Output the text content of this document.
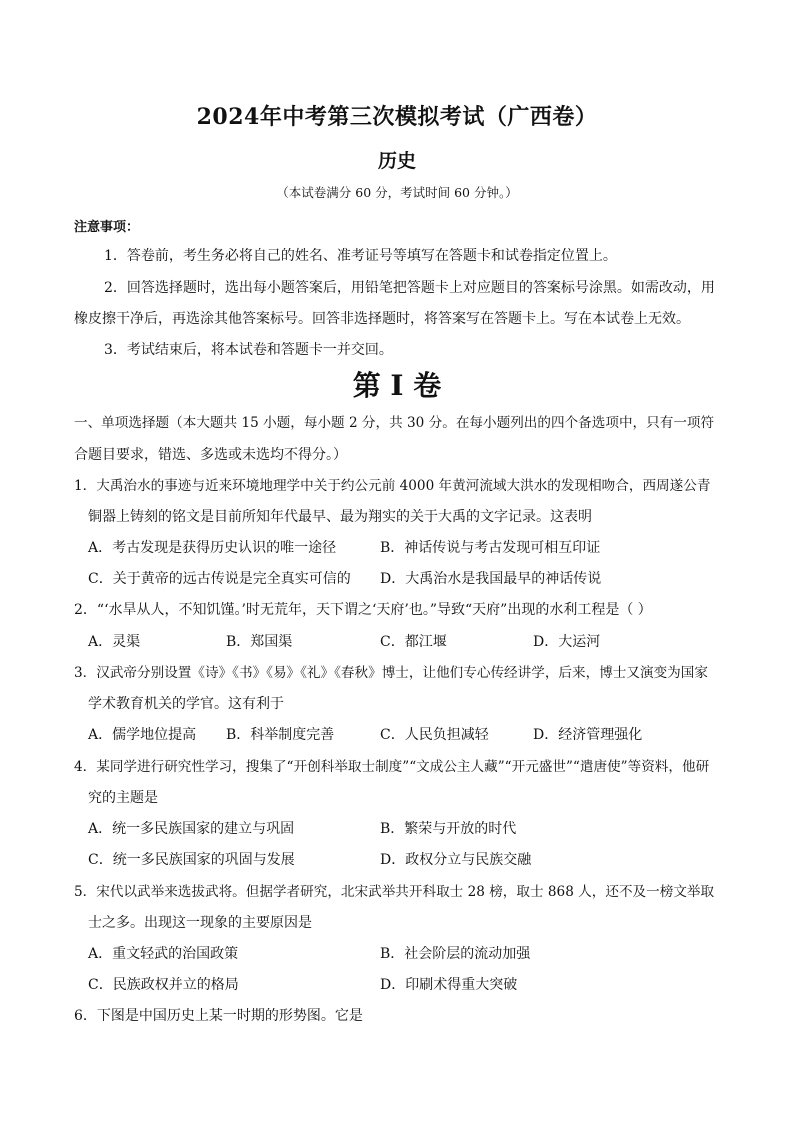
2024年中考第三次模拟考试（广西卷）
历史
（本试卷满分 60 分，考试时间 60 分钟。）
注意事项：
1．答卷前，考生务必将自己的姓名、准考证号等填写在答题卡和试卷指定位置上。
2．回答选择题时，选出每小题答案后，用铅笔把答题卡上对应题目的答案标号涂黑。如需改动，用
橡皮擦干净后，再选涂其他答案标号。回答非选择题时，将答案写在答题卡上。写在本试卷上无效。
3．考试结束后，将本试卷和答题卡一并交回。
第 I 卷
一、单项选择题（本大题共 15 小题，每小题 2 分，共 30 分。在每小题列出的四个备选项中，只有一项符
合题目要求，错选、多选或未选均不得分。）
1．大禹治水的事迹与近来环境地理学中关于约公元前 4000 年黄河流域大洪水的发现相吻合，西周遂公青
铜器上铸刻的铭文是目前所知年代最早、最为翔实的关于大禹的文字记录。这表明
A．考古发现是获得历史认识的唯一途径	B．神话传说与考古发现可相互印证
C．关于黄帝的远古传说是完全真实可信的 D．大禹治水是我国最早的神话传说
2．“‘水旱从人，不知饥馑。’时无荒年，天下谓之‘天府’也。”导致“天府”出现的水利工程是（ ）
A．灵渠	B．郑国渠	C．都江堰	D．大运河
3．汉武帝分别设置《诗》《书》《易》《礼》《春秋》博士，让他们专心传经讲学，后来，博士又演变为国家
学术教育机关的学官。这有利于
A．儒学地位提高 B．科举制度完善	C．人民负担减轻	D．经济管理强化
4．某同学进行研究性学习，搜集了“开创科举取士制度”“文成公主人藏”“开元盛世”“遣唐使”等资料，他研
究的主题是
A．统一多民族国家的建立与巩固	B．繁荣与开放的时代
C．统一多民族国家的巩固与发展	D．政权分立与民族交融
5．宋代以武举来选拔武将。但据学者研究，北宋武举共开科取士 28 榜，取士 868 人，还不及一榜文举取
士之多。出现这一现象的主要原因是
A．重文轻武的治国政策	B．社会阶层的流动加强
C．民族政权并立的格局	D．印刷术得重大突破
6．下图是中国历史上某一时期的形势图。它是
